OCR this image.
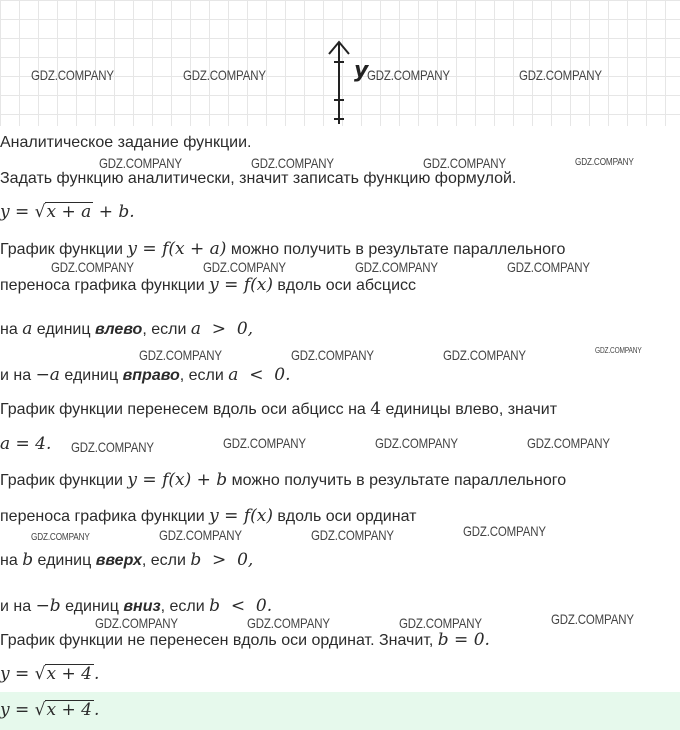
y
GDZ.COMPANY	GDZ.COMPANY	GDZ.COMPANY	GDZ.COMPANY
GDZ.COMPANY	GDZ.COMPANY	GDZ.COMPANY	GDZ.COMPANY
GDZ.COMPANY	GDZ.COMPANY	GDZ.COMPANY	GDZ.COMPANY
GDZ.COMPANY	GDZ.COMPANY	GDZ.COMPANY	GDZ.COMPANY
GDZ.COMPANY	GDZ.COMPANY	GDZ.COMPANY	GDZ.COMPANY
GDZ.COMPANY
GDZ.COMPANY	GDZ.COMPANY	GDZ.COMPANY
GDZ.COMPANY	GDZ.COMPANY	GDZ.COMPANY	GDZ.COMPANY
Аналитическое задание функции.
Задать функцию аналитически, значит записать функцию формулой.
y = √x + a + b.
График функции y = f(x + a) можно получить в результате параллельного
переноса графика функции y = f(x) вдоль оси абсцисс
на a единиц влево, если a  >  0,
и на −a единиц вправо, если a  <  0.
График функции перенесем вдоль оси абцисс на 4 единицы влево, значит
a = 4.
График функции y = f(x) + b можно получить в результате параллельного
переноса графика функции y = f(x) вдоль оси ординат
на b единиц вверх, если b  >  0,
и на −b единиц вниз, если b  <  0.
График функции не перенесен вдоль оси ординат. Значит, b = 0.
y = √x + 4 .
y = √x + 4 .
